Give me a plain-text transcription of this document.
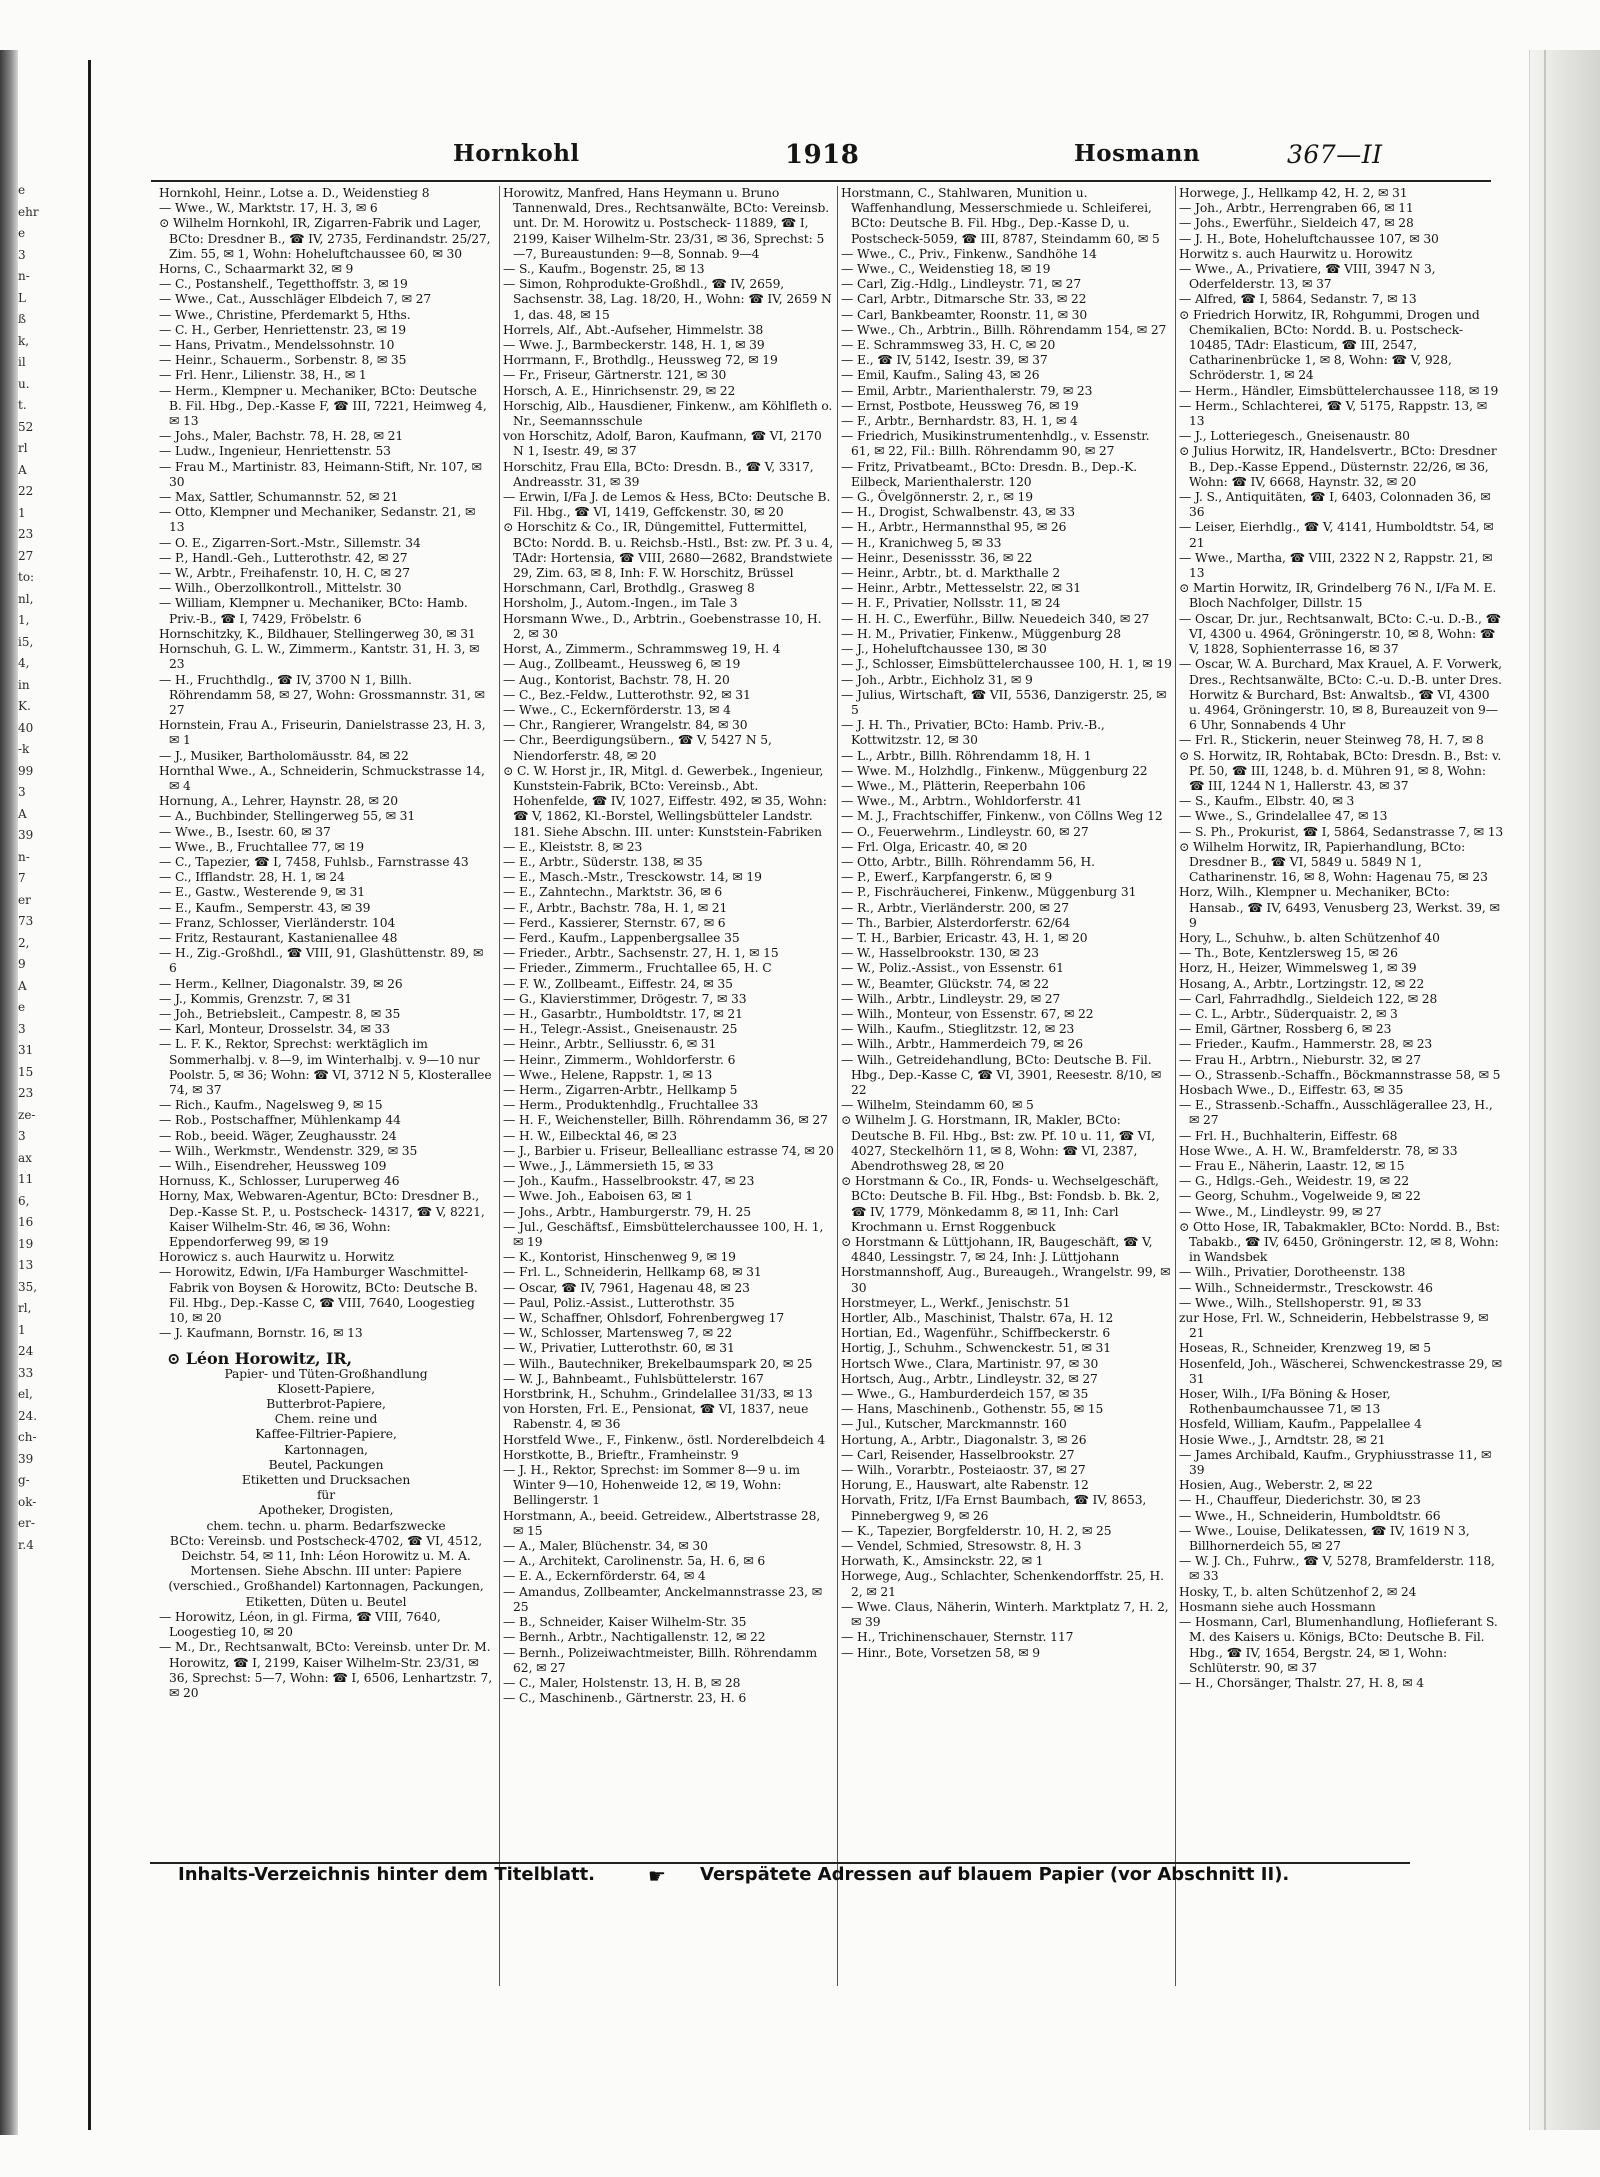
e
ehr
e
3
n-
L
ß
k,
il
u.
t.
52
rl
A
22
1
23
27
to:
nl,
1,
i5,
4,
in
K.
40
-k
99
3
A
39
n-
7
er
73
2,
9
A
e
3
31
15
23
ze-
3
ax
11
6,
16
19
13
35,
rl,
1
24
33
el,
24.
ch-
39
g-
ok-
er-
r.4
Hornkohl	1918	Hosmann	367—II

Hornkohl, Heinr., Lotse a. D., Weidenstieg 8

— Wwe., W., Marktstr. 17, H. 3, ✉ 6

⊙ Wilhelm Hornkohl, IR, Zigarren-Fabrik und Lager, BCto: Dresdner B., ☎ IV, 2735, Ferdinandstr. 25/27, Zim. 55, ✉ 1, Wohn: Hoheluftchaussee 60, ✉ 30

Horns, C., Schaarmarkt 32, ✉ 9

— C., Postanshelf., Tegetthoffstr. 3, ✉ 19

— Wwe., Cat., Ausschläger Elbdeich 7, ✉ 27

— Wwe., Christine, Pferdemarkt 5, Hths.

— C. H., Gerber, Henriettenstr. 23, ✉ 19

— Hans, Privatm., Mendelssohnstr. 10

— Heinr., Schauerm., Sorbenstr. 8, ✉ 35

— Frl. Henr., Lilienstr. 38, H., ✉ 1

— Herm., Klempner u. Mechaniker, BCto: Deutsche B. Fil. Hbg., Dep.-Kasse F, ☎ III, 7221, Heimweg 4, ✉ 13

— Johs., Maler, Bachstr. 78, H. 28, ✉ 21

— Ludw., Ingenieur, Henriettenstr. 53

— Frau M., Martinistr. 83, Heimann-Stift, Nr. 107, ✉ 30

— Max, Sattler, Schumannstr. 52, ✉ 21

— Otto, Klempner und Mechaniker, Sedanstr. 21, ✉ 13

— O. E., Zigarren-Sort.-Mstr., Sillemstr. 34

— P., Handl.-Geh., Lutterothstr. 42, ✉ 27

— W., Arbtr., Freihafenstr. 10, H. C, ✉ 27

— Wilh., Oberzollkontroll., Mittelstr. 30

— William, Klempner u. Mechaniker, BCto: Hamb. Priv.-B., ☎ I, 7429, Fröbelstr. 6

Hornschitzky, K., Bildhauer, Stellingerweg 30, ✉ 31

Hornschuh, G. L. W., Zimmerm., Kantstr. 31, H. 3, ✉ 23

— H., Fruchthdlg., ☎ IV, 3700 N 1, Billh. Röhrendamm 58, ✉ 27, Wohn: Grossmannstr. 31, ✉ 27

Hornstein, Frau A., Friseurin, Danielstrasse 23, H. 3, ✉ 1

— J., Musiker, Bartholomäusstr. 84, ✉ 22

Hornthal Wwe., A., Schneiderin, Schmuckstrasse 14, ✉ 4

Hornung, A., Lehrer, Haynstr. 28, ✉ 20

— A., Buchbinder, Stellingerweg 55, ✉ 31

— Wwe., B., Isestr. 60, ✉ 37

— Wwe., B., Fruchtallee 77, ✉ 19

— C., Tapezier, ☎ I, 7458, Fuhlsb., Farnstrasse 43

— C., Ifflandstr. 28, H. 1, ✉ 24

— E., Gastw., Westerende 9, ✉ 31

— E., Kaufm., Semperstr. 43, ✉ 39

— Franz, Schlosser, Vierländerstr. 104

— Fritz, Restaurant, Kastanienallee 48

— H., Zig.-Großhdl., ☎ VIII, 91, Glashüttenstr. 89, ✉ 6

— Herm., Kellner, Diagonalstr. 39, ✉ 26

— J., Kommis, Grenzstr. 7, ✉ 31

— Joh., Betriebsleit., Campestr. 8, ✉ 35

— Karl, Monteur, Drosselstr. 34, ✉ 33

— L. F. K., Rektor, Sprechst: werktäglich im Sommerhalbj. v. 8—9, im Winterhalbj. v. 9—10 nur Poolstr. 5, ✉ 36; Wohn: ☎ VI, 3712 N 5, Klosterallee 74, ✉ 37

— Rich., Kaufm., Nagelsweg 9, ✉ 15

— Rob., Postschaffner, Mühlenkamp 44

— Rob., beeid. Wäger, Zeughausstr. 24

— Wilh., Werkmstr., Wendenstr. 329, ✉ 35

— Wilh., Eisendreher, Heussweg 109

Hornuss, K., Schlosser, Luruperweg 46

Horny, Max, Webwaren-Agentur, BCto: Dresdner B., Dep.-Kasse St. P., u. Postscheck- 14317, ☎ V, 8221, Kaiser Wilhelm-Str. 46, ✉ 36, Wohn: Eppendorferweg 99, ✉ 19

Horowicz s. auch Haurwitz u. Horwitz

— Horowitz, Edwin, I/Fa Hamburger Waschmittel-Fabrik von Boysen & Horowitz, BCto: Deutsche B. Fil. Hbg., Dep.-Kasse C, ☎ VIII, 7640, Loogestieg 10, ✉ 20

— J. Kaufmann, Bornstr. 16, ✉ 13

⊙ Léon Horowitz, IR,

Papier- und Tüten-Großhandlung

Klosett-Papiere,

Butterbrot-Papiere,

Chem. reine und

Kaffee-Filtrier-Papiere,

Kartonnagen,

Beutel, Packungen

Etiketten und Drucksachen

für

Apotheker, Drogisten,

chem. techn. u. pharm. Bedarfszwecke

BCto: Vereinsb. und Postscheck-4702, ☎ VI, 4512, Deichstr. 54, ✉ 11, Inh: Léon Horowitz u. M. A. Mortensen. Siehe Abschn. III unter: Papiere (verschied., Großhandel) Kartonnagen, Packungen, Etiketten, Düten u. Beutel

— Horowitz, Léon, in gl. Firma, ☎ VIII, 7640, Loogestieg 10, ✉ 20

— M., Dr., Rechtsanwalt, BCto: Vereinsb. unter Dr. M. Horowitz, ☎ I, 2199, Kaiser Wilhelm-Str. 23/31, ✉ 36, Sprechst: 5—7, Wohn: ☎ I, 6506, Lenhartzstr. 7, ✉ 20

Horowitz, Manfred, Hans Heymann u. Bruno Tannenwald, Dres., Rechtsanwälte, BCto: Vereinsb. unt. Dr. M. Horowitz u. Postscheck- 11889, ☎ I, 2199, Kaiser Wilhelm-Str. 23/31, ✉ 36, Sprechst: 5—7, Bureaustunden: 9—8, Sonnab. 9—4

— S., Kaufm., Bogenstr. 25, ✉ 13

— Simon, Rohprodukte-Großhdl., ☎ IV, 2659, Sachsenstr. 38, Lag. 18/20, H., Wohn: ☎ IV, 2659 N 1, das. 48, ✉ 15

Horrels, Alf., Abt.-Aufseher, Himmelstr. 38

— Wwe. J., Barmbeckerstr. 148, H. 1, ✉ 39

Horrmann, F., Brothdlg., Heussweg 72, ✉ 19

— Fr., Friseur, Gärtnerstr. 121, ✉ 30

Horsch, A. E., Hinrichsenstr. 29, ✉ 22

Horschig, Alb., Hausdiener, Finkenw., am Köhlfleth o. Nr., Seemannsschule

von Horschitz, Adolf, Baron, Kaufmann, ☎ VI, 2170 N 1, Isestr. 49, ✉ 37

Horschitz, Frau Ella, BCto: Dresdn. B., ☎ V, 3317, Andreasstr. 31, ✉ 39

— Erwin, I/Fa J. de Lemos & Hess, BCto: Deutsche B. Fil. Hbg., ☎ VI, 1419, Geffckenstr. 30, ✉ 20

⊙ Horschitz & Co., IR, Düngemittel, Futtermittel, BCto: Nordd. B. u. Reichsb.-Hstl., Bst: zw. Pf. 3 u. 4, TAdr: Hortensia, ☎ VIII, 2680—2682, Brandstwiete 29, Zim. 63, ✉ 8, Inh: F. W. Horschitz, Brüssel

Horschmann, Carl, Brothdlg., Grasweg 8

Horsholm, J., Autom.-Ingen., im Tale 3

Horsmann Wwe., D., Arbtrin., Goebenstrasse 10, H. 2, ✉ 30

Horst, A., Zimmerm., Schrammsweg 19, H. 4

— Aug., Zollbeamt., Heussweg 6, ✉ 19

— Aug., Kontorist, Bachstr. 78, H. 20

— C., Bez.-Feldw., Lutterothstr. 92, ✉ 31

— Wwe., C., Eckernförderstr. 13, ✉ 4

— Chr., Rangierer, Wrangelstr. 84, ✉ 30

— Chr., Beerdigungsübern., ☎ V, 5427 N 5, Niendorferstr. 48, ✉ 20

⊙ C. W. Horst jr., IR, Mitgl. d. Gewerbek., Ingenieur, Kunststein-Fabrik, BCto: Vereinsb., Abt. Hohenfelde, ☎ IV, 1027, Eiffestr. 492, ✉ 35, Wohn: ☎ V, 1862, Kl.-Borstel, Wellingsbütteler Landstr. 181. Siehe Abschn. III. unter: Kunststein-Fabriken

— E., Kleiststr. 8, ✉ 23

— E., Arbtr., Süderstr. 138, ✉ 35

— E., Masch.-Mstr., Tresckowstr. 14, ✉ 19

— E., Zahntechn., Marktstr. 36, ✉ 6

— F., Arbtr., Bachstr. 78a, H. 1, ✉ 21

— Ferd., Kassierer, Sternstr. 67, ✉ 6

— Ferd., Kaufm., Lappenbergsallee 35

— Frieder., Arbtr., Sachsenstr. 27, H. 1, ✉ 15

— Frieder., Zimmerm., Fruchtallee 65, H. C

— F. W., Zollbeamt., Eiffestr. 24, ✉ 35

— G., Klavierstimmer, Drögestr. 7, ✉ 33

— H., Gasarbtr., Humboldtstr. 17, ✉ 21

— H., Telegr.-Assist., Gneisenaustr. 25

— Heinr., Arbtr., Selliusstr. 6, ✉ 31

— Heinr., Zimmerm., Wohldorferstr. 6

— Wwe., Helene, Rappstr. 1, ✉ 13

— Herm., Zigarren-Arbtr., Hellkamp 5

— Herm., Produktenhdlg., Fruchtallee 33

— H. F., Weichensteller, Billh. Röhrendamm 36, ✉ 27

— H. W., Eilbecktal 46, ✉ 23

— J., Barbier u. Friseur, Belleallianc estrasse 74, ✉ 20

— Wwe., J., Lämmersieth 15, ✉ 33

— Joh., Kaufm., Hasselbrookstr. 47, ✉ 23

— Wwe. Joh., Eaboisen 63, ✉ 1

— Johs., Arbtr., Hamburgerstr. 79, H. 25

— Jul., Geschäftsf., Eimsbüttelerchaussee 100, H. 1, ✉ 19

— K., Kontorist, Hinschenweg 9, ✉ 19

— Frl. L., Schneiderin, Hellkamp 68, ✉ 31

— Oscar, ☎ IV, 7961, Hagenau 48, ✉ 23

— Paul, Poliz.-Assist., Lutterothstr. 35

— W., Schaffner, Ohlsdorf, Fohrenbergweg 17

— W., Schlosser, Martensweg 7, ✉ 22

— W., Privatier, Lutterothstr. 60, ✉ 31

— Wilh., Bautechniker, Brekelbaumspark 20, ✉ 25

— W. J., Bahnbeamt., Fuhlsbüttelerstr. 167

Horstbrink, H., Schuhm., Grindelallee 31/33, ✉ 13

von Horsten, Frl. E., Pensionat, ☎ VI, 1837, neue Rabenstr. 4, ✉ 36

Horstfeld Wwe., F., Finkenw., östl. Norderelbdeich 4

Horstkotte, B., Brieftr., Framheinstr. 9

— J. H., Rektor, Sprechst: im Sommer 8—9 u. im Winter 9—10, Hohenweide 12, ✉ 19, Wohn: Bellingerstr. 1

Horstmann, A., beeid. Getreidew., Albertstrasse 28, ✉ 15

— A., Maler, Blüchenstr. 34, ✉ 30

— A., Architekt, Carolinenstr. 5a, H. 6, ✉ 6

— E. A., Eckernförderstr. 64, ✉ 4

— Amandus, Zollbeamter, Anckelmannstrasse 23, ✉ 25

— B., Schneider, Kaiser Wilhelm-Str. 35

— Bernh., Arbtr., Nachtigallenstr. 12, ✉ 22

— Bernh., Polizeiwachtmeister, Billh. Röhrendamm 62, ✉ 27

— C., Maler, Holstenstr. 13, H. B, ✉ 28

— C., Maschinenb., Gärtnerstr. 23, H. 6

Horstmann, C., Stahlwaren, Munition u. Waffenhandlung, Messerschmiede u. Schleiferei, BCto: Deutsche B. Fil. Hbg., Dep.-Kasse D, u. Postscheck-5059, ☎ III, 8787, Steindamm 60, ✉ 5

— Wwe., C., Priv., Finkenw., Sandhöhe 14

— Wwe., C., Weidenstieg 18, ✉ 19

— Carl, Zig.-Hdlg., Lindleystr. 71, ✉ 27

— Carl, Arbtr., Ditmarsche Str. 33, ✉ 22

— Carl, Bankbeamter, Roonstr. 11, ✉ 30

— Wwe., Ch., Arbtrin., Billh. Röhrendamm 154, ✉ 27

— E. Schrammsweg 33, H. C, ✉ 20

— E., ☎ IV, 5142, Isestr. 39, ✉ 37

— Emil, Kaufm., Saling 43, ✉ 26

— Emil, Arbtr., Marienthalerstr. 79, ✉ 23

— Ernst, Postbote, Heussweg 76, ✉ 19

— F., Arbtr., Bernhardstr. 83, H. 1, ✉ 4

— Friedrich, Musikinstrumentenhdlg., v. Essenstr. 61, ✉ 22, Fil.: Billh. Röhrendamm 90, ✉ 27

— Fritz, Privatbeamt., BCto: Dresdn. B., Dep.-K. Eilbeck, Marienthalerstr. 120

— G., Övelgönnerstr. 2, r., ✉ 19

— H., Drogist, Schwalbenstr. 43, ✉ 33

— H., Arbtr., Hermannsthal 95, ✉ 26

— H., Kranichweg 5, ✉ 33

— Heinr., Desenissstr. 36, ✉ 22

— Heinr., Arbtr., bt. d. Markthalle 2

— Heinr., Arbtr., Mettesselstr. 22, ✉ 31

— H. F., Privatier, Nollsstr. 11, ✉ 24

— H. H. C., Ewerführ., Billw. Neuedeich 340, ✉ 27

— H. M., Privatier, Finkenw., Müggenburg 28

— J., Hoheluftchaussee 130, ✉ 30

— J., Schlosser, Eimsbüttelerchaussee 100, H. 1, ✉ 19

— Joh., Arbtr., Eichholz 31, ✉ 9

— Julius, Wirtschaft, ☎ VII, 5536, Danzigerstr. 25, ✉ 5

— J. H. Th., Privatier, BCto: Hamb. Priv.-B., Kottwitzstr. 12, ✉ 30

— L., Arbtr., Billh. Röhrendamm 18, H. 1

— Wwe. M., Holzhdlg., Finkenw., Müggenburg 22

— Wwe., M., Plätterin, Reeperbahn 106

— Wwe., M., Arbtrn., Wohldorferstr. 41

— M. J., Frachtschiffer, Finkenw., von Cöllns Weg 12

— O., Feuerwehrm., Lindleystr. 60, ✉ 27

— Frl. Olga, Ericastr. 40, ✉ 20

— Otto, Arbtr., Billh. Röhrendamm 56, H.

— P., Ewerf., Karpfangerstr. 6, ✉ 9

— P., Fischräucherei, Finkenw., Müggenburg 31

— R., Arbtr., Vierländerstr. 200, ✉ 27

— Th., Barbier, Alsterdorferstr. 62/64

— T. H., Barbier, Ericastr. 43, H. 1, ✉ 20

— W., Hasselbrookstr. 130, ✉ 23

— W., Poliz.-Assist., von Essenstr. 61

— W., Beamter, Glückstr. 74, ✉ 22

— Wilh., Arbtr., Lindleystr. 29, ✉ 27

— Wilh., Monteur, von Essenstr. 67, ✉ 22

— Wilh., Kaufm., Stieglitzstr. 12, ✉ 23

— Wilh., Arbtr., Hammerdeich 79, ✉ 26

— Wilh., Getreidehandlung, BCto: Deutsche B. Fil. Hbg., Dep.-Kasse C, ☎ VI, 3901, Reesestr. 8/10, ✉ 22

— Wilhelm, Steindamm 60, ✉ 5

⊙ Wilhelm J. G. Horstmann, IR, Makler, BCto: Deutsche B. Fil. Hbg., Bst: zw. Pf. 10 u. 11, ☎ VI, 4027, Steckelhörn 11, ✉ 8, Wohn: ☎ VI, 2387, Abendrothsweg 28, ✉ 20

⊙ Horstmann & Co., IR, Fonds- u. Wechselgeschäft, BCto: Deutsche B. Fil. Hbg., Bst: Fondsb. b. Bk. 2, ☎ IV, 1779, Mönkedamm 8, ✉ 11, Inh: Carl Krochmann u. Ernst Roggenbuck

⊙ Horstmann & Lüttjohann, IR, Baugeschäft, ☎ V, 4840, Lessingstr. 7, ✉ 24, Inh: J. Lüttjohann

Horstmannshoff, Aug., Bureaugeh., Wrangelstr. 99, ✉ 30

Horstmeyer, L., Werkf., Jenischstr. 51

Hortler, Alb., Maschinist, Thalstr. 67a, H. 12

Hortian, Ed., Wagenführ., Schiffbeckerstr. 6

Hortig, J., Schuhm., Schwenckestr. 51, ✉ 31

Hortsch Wwe., Clara, Martinistr. 97, ✉ 30

Hortsch, Aug., Arbtr., Lindleystr. 32, ✉ 27

— Wwe., G., Hamburderdeich 157, ✉ 35

— Hans, Maschinenb., Gothenstr. 55, ✉ 15

— Jul., Kutscher, Marckmannstr. 160

Hortung, A., Arbtr., Diagonalstr. 3, ✉ 26

— Carl, Reisender, Hasselbrookstr. 27

— Wilh., Vorarbtr., Posteiaostr. 37, ✉ 27

Horung, E., Hauswart, alte Rabenstr. 12

Horvath, Fritz, I/Fa Ernst Baumbach, ☎ IV, 8653, Pinnebergweg 9, ✉ 26

— K., Tapezier, Borgfelderstr. 10, H. 2, ✉ 25

— Vendel, Schmied, Stresowstr. 8, H. 3

Horwath, K., Amsinckstr. 22, ✉ 1

Horwege, Aug., Schlachter, Schenkendorffstr. 25, H. 2, ✉ 21

— Wwe. Claus, Näherin, Winterh. Marktplatz 7, H. 2, ✉ 39

— H., Trichinenschauer, Sternstr. 117

— Hinr., Bote, Vorsetzen 58, ✉ 9

Horwege, J., Hellkamp 42, H. 2, ✉ 31

— Joh., Arbtr., Herrengraben 66, ✉ 11

— Johs., Ewerführ., Sieldeich 47, ✉ 28

— J. H., Bote, Hoheluftchaussee 107, ✉ 30

Horwitz s. auch Haurwitz u. Horowitz

— Wwe., A., Privatiere, ☎ VIII, 3947 N 3, Oderfelderstr. 13, ✉ 37

— Alfred, ☎ I, 5864, Sedanstr. 7, ✉ 13

⊙ Friedrich Horwitz, IR, Rohgummi, Drogen und Chemikalien, BCto: Nordd. B. u. Postscheck- 10485, TAdr: Elasticum, ☎ III, 2547, Catharinenbrücke 1, ✉ 8, Wohn: ☎ V, 928, Schröderstr. 1, ✉ 24

— Herm., Händler, Eimsbüttelerchaussee 118, ✉ 19

— Herm., Schlachterei, ☎ V, 5175, Rappstr. 13, ✉ 13

— J., Lotteriegesch., Gneisenaustr. 80

⊙ Julius Horwitz, IR, Handelsvertr., BCto: Dresdner B., Dep.-Kasse Eppend., Düsternstr. 22/26, ✉ 36, Wohn: ☎ IV, 6668, Haynstr. 32, ✉ 20

— J. S., Antiquitäten, ☎ I, 6403, Colonnaden 36, ✉ 36

— Leiser, Eierhdlg., ☎ V, 4141, Humboldtstr. 54, ✉ 21

— Wwe., Martha, ☎ VIII, 2322 N 2, Rappstr. 21, ✉ 13

⊙ Martin Horwitz, IR, Grindelberg 76 N., I/Fa M. E. Bloch Nachfolger, Dillstr. 15

— Oscar, Dr. jur., Rechtsanwalt, BCto: C.-u. D.-B., ☎ VI, 4300 u. 4964, Gröningerstr. 10, ✉ 8, Wohn: ☎ V, 1828, Sophienterrasse 16, ✉ 37

— Oscar, W. A. Burchard, Max Krauel, A. F. Vorwerk, Dres., Rechtsanwälte, BCto: C.-u. D.-B. unter Dres. Horwitz & Burchard, Bst: Anwaltsb., ☎ VI, 4300 u. 4964, Gröningerstr. 10, ✉ 8, Bureauzeit von 9—6 Uhr, Sonnabends 4 Uhr

— Frl. R., Stickerin, neuer Steinweg 78, H. 7, ✉ 8

⊙ S. Horwitz, IR, Rohtabak, BCto: Dresdn. B., Bst: v. Pf. 50, ☎ III, 1248, b. d. Mühren 91, ✉ 8, Wohn: ☎ III, 1244 N 1, Hallerstr. 43, ✉ 37

— S., Kaufm., Elbstr. 40, ✉ 3

— Wwe., S., Grindelallee 47, ✉ 13

— S. Ph., Prokurist, ☎ I, 5864, Sedanstrasse 7, ✉ 13

⊙ Wilhelm Horwitz, IR, Papierhandlung, BCto: Dresdner B., ☎ VI, 5849 u. 5849 N 1, Catharinenstr. 16, ✉ 8, Wohn: Hagenau 75, ✉ 23

Horz, Wilh., Klempner u. Mechaniker, BCto: Hansab., ☎ IV, 6493, Venusberg 23, Werkst. 39, ✉ 9

Hory, L., Schuhw., b. alten Schützenhof 40

— Th., Bote, Kentzlersweg 15, ✉ 26

Horz, H., Heizer, Wimmelsweg 1, ✉ 39

Hosang, A., Arbtr., Lortzingstr. 12, ✉ 22

— Carl, Fahrradhdlg., Sieldeich 122, ✉ 28

— C. L., Arbtr., Süderquaistr. 2, ✉ 3

— Emil, Gärtner, Rossberg 6, ✉ 23

— Frieder., Kaufm., Hammerstr. 28, ✉ 23

— Frau H., Arbtrn., Nieburstr. 32, ✉ 27

— O., Strassenb.-Schaffn., Böckmannstrasse 58, ✉ 5

Hosbach Wwe., D., Eiffestr. 63, ✉ 35

— E., Strassenb.-Schaffn., Ausschlägerallee 23, H., ✉ 27

— Frl. H., Buchhalterin, Eiffestr. 68

Hose Wwe., A. H. W., Bramfelderstr. 78, ✉ 33

— Frau E., Näherin, Laastr. 12, ✉ 15

— G., Hdlgs.-Geh., Weidestr. 19, ✉ 22

— Georg, Schuhm., Vogelweide 9, ✉ 22

— Wwe., M., Lindleystr. 99, ✉ 27

⊙ Otto Hose, IR, Tabakmakler, BCto: Nordd. B., Bst: Tabakb., ☎ IV, 6450, Gröningerstr. 12, ✉ 8, Wohn: in Wandsbek

— Wilh., Privatier, Dorotheenstr. 138

— Wilh., Schneidermstr., Tresckowstr. 46

— Wwe., Wilh., Stellshoperstr. 91, ✉ 33

zur Hose, Frl. W., Schneiderin, Hebbelstrasse 9, ✉ 21

Hoseas, R., Schneider, Krenzweg 19, ✉ 5

Hosenfeld, Joh., Wäscherei, Schwenckestrasse 29, ✉ 31

Hoser, Wilh., I/Fa Böning & Hoser, Rothenbaumchaussee 71, ✉ 13

Hosfeld, William, Kaufm., Pappelallee 4

Hosie Wwe., J., Arndtstr. 28, ✉ 21

— James Archibald, Kaufm., Gryphiusstrasse 11, ✉ 39

Hosien, Aug., Weberstr. 2, ✉ 22

— H., Chauffeur, Diederichstr. 30, ✉ 23

— Wwe., H., Schneiderin, Humboldtstr. 66

— Wwe., Louise, Delikatessen, ☎ IV, 1619 N 3, Billhornerdeich 55, ✉ 27

— W. J. Ch., Fuhrw., ☎ V, 5278, Bramfelderstr. 118, ✉ 33

Hosky, T., b. alten Schützenhof 2, ✉ 24

Hosmann siehe auch Hossmann

— Hosmann, Carl, Blumenhandlung, Hoflieferant S. M. des Kaisers u. Königs, BCto: Deutsche B. Fil. Hbg., ☎ IV, 1654, Bergstr. 24, ✉ 1, Wohn: Schlüterstr. 90, ✉ 37

— H., Chorsänger, Thalstr. 27, H. 8, ✉ 4

Inhalts-Verzeichnis hinter dem Titelblatt.	☛ Verspätete Adressen auf blauem Papier (vor Abschnitt II).
